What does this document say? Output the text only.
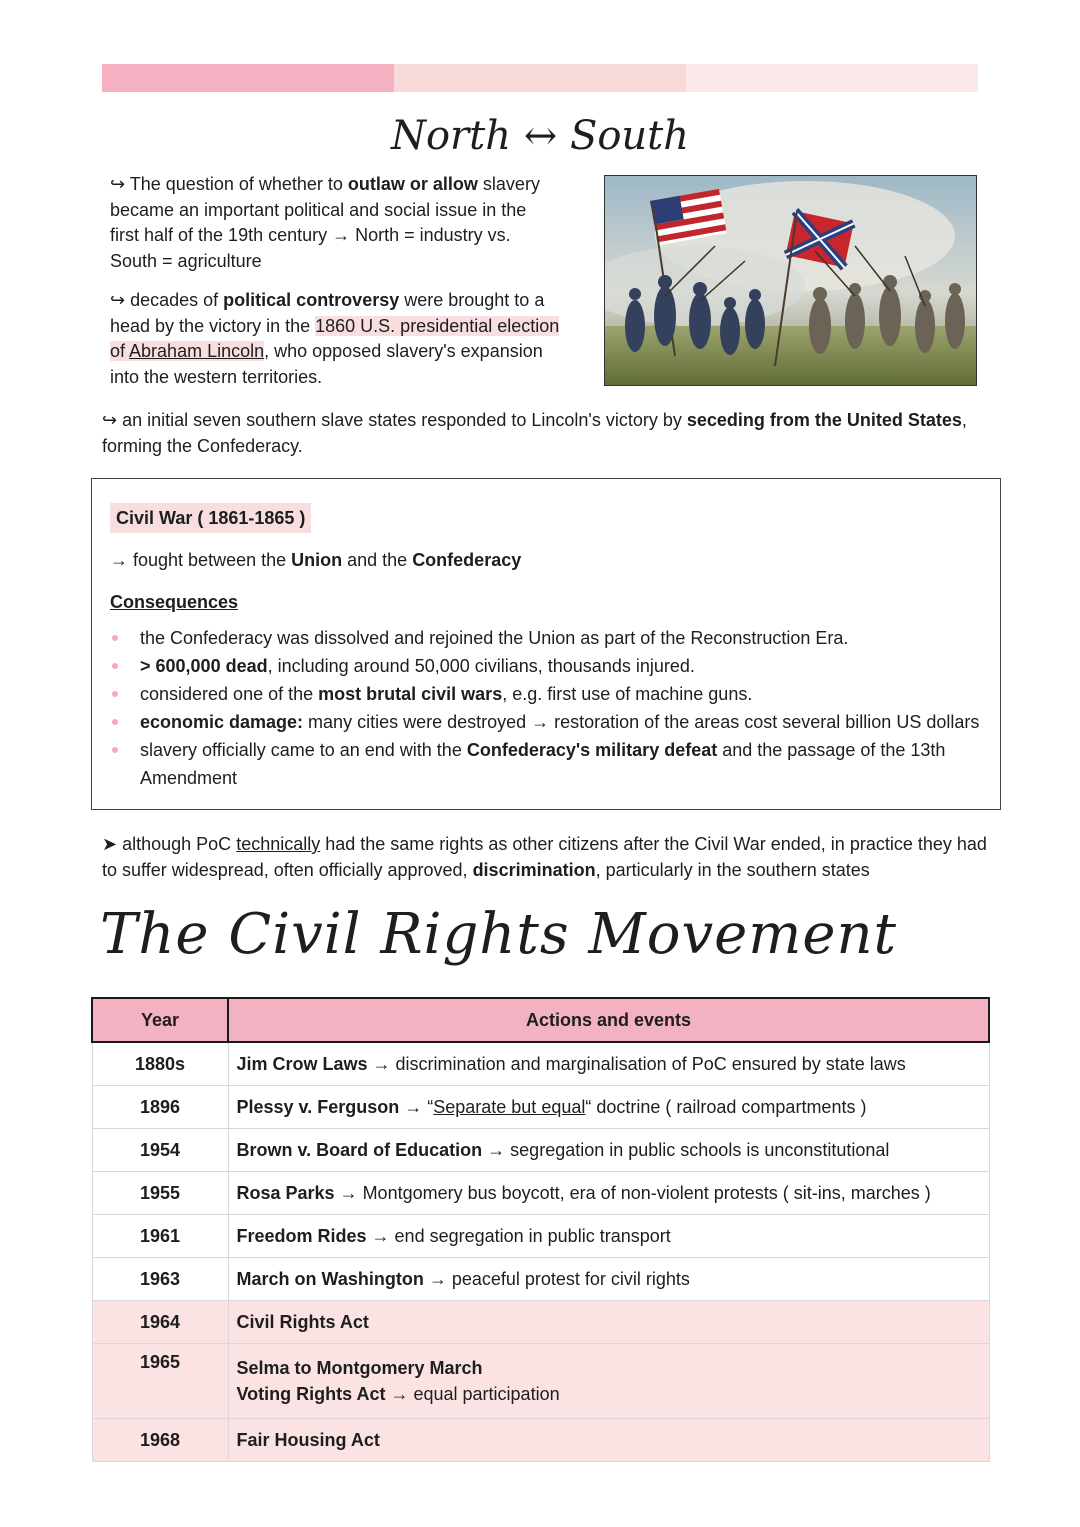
North ↔ South
↪ The question of whether to outlaw or allow slavery became an important political and social issue in the first half of the 19th century → North = industry vs. South = agriculture
↪ decades of political controversy were brought to a head by the victory in the 1860 U.S. presidential election of Abraham Lincoln, who opposed slavery's expansion into the western territories.
↪ an initial seven southern slave states responded to Lincoln's victory by seceding from the United States, forming the Confederacy.
Civil War ( 1861-1865 )
→ fought between the Union and the Confederacy
Consequences
the Confederacy was dissolved and rejoined the Union as part of the Reconstruction Era.
> 600,000 dead, including around 50,000 civilians, thousands injured.
considered one of the most brutal civil wars, e.g. first use of machine guns.
economic damage: many cities were destroyed → restoration of the areas cost several billion US dollars
slavery officially came to an end with the Confederacy's military defeat and the passage of the 13th Amendment
➤ although PoC technically had the same rights as other citizens after the Civil War ended, in practice they had to suffer widespread, often officially approved, discrimination, particularly in the southern states
The Civil Rights Movement
Year	Actions and events
1880s	Jim Crow Laws → discrimination and marginalisation of PoC ensured by state laws
1896	Plessy v. Ferguson → “Separate but equal“ doctrine ( railroad compartments )
1954	Brown v. Board of Education → segregation in public schools is unconstitutional
1955	Rosa Parks → Montgomery bus boycott, era of non-violent protests ( sit-ins, marches )
1961	Freedom Rides → end segregation in public transport
1963	March on Washington → peaceful protest for civil rights
1964	Civil Rights Act
1965	Selma to Montgomery March
Voting Rights Act → equal participation
1968	Fair Housing Act
